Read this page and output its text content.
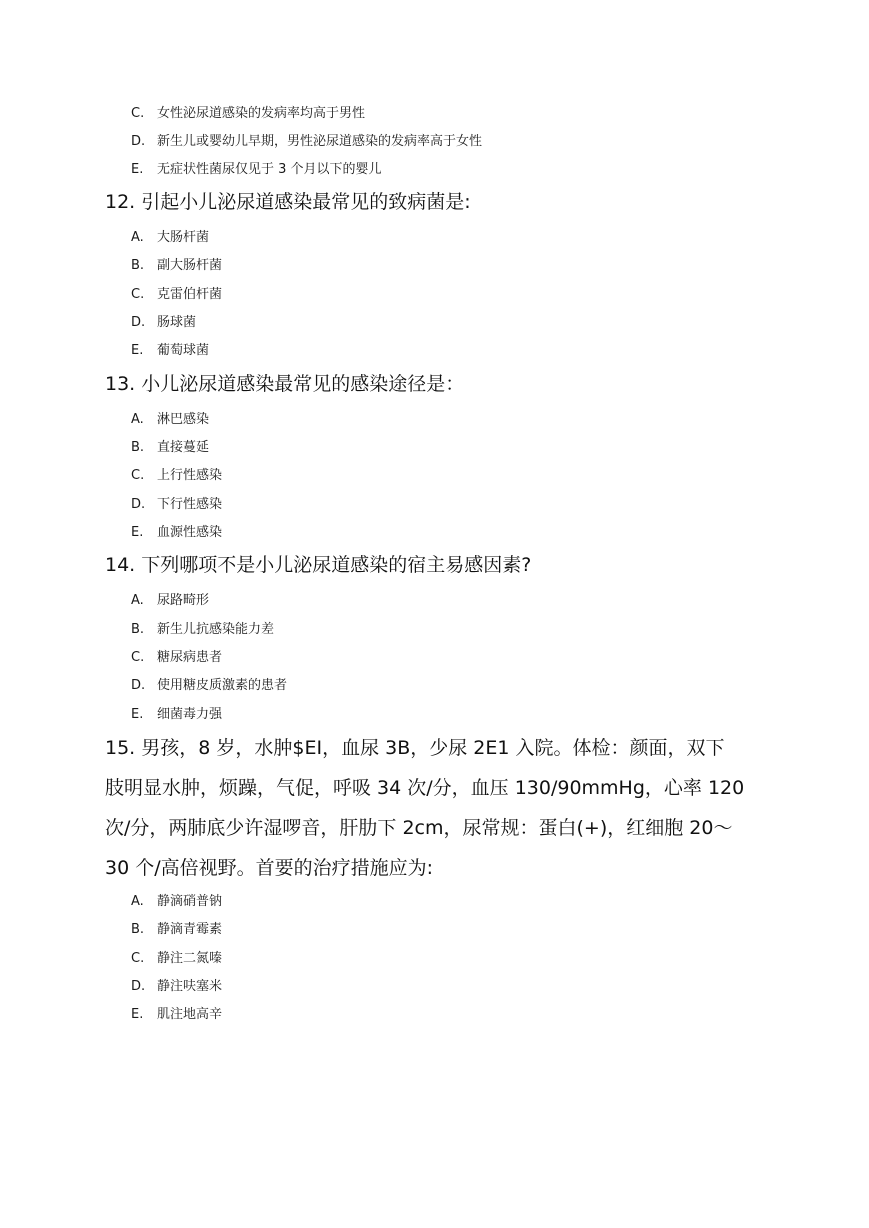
C. 女性泌尿道感染的发病率均高于男性
D. 新生儿或婴幼儿早期，男性泌尿道感染的发病率高于女性
E. 无症状性菌尿仅见于 3 个月以下的婴儿
12. 引起小儿泌尿道感染最常见的致病菌是:
A. 大肠杆菌
B. 副大肠杆菌
C. 克雷伯杆菌
D. 肠球菌
E. 葡萄球菌
13. 小儿泌尿道感染最常见的感染途径是：
A. 淋巴感染
B. 直接蔓延
C. 上行性感染
D. 下行性感染
E. 血源性感染
14. 下列哪项不是小儿泌尿道感染的宿主易感因素?
A. 尿路畸形
B. 新生儿抗感染能力差
C. 糖尿病患者
D. 使用糖皮质激素的患者
E. 细菌毒力强
15. 男孩，8 岁，水肿$EI，血尿 3B，少尿 2E1 入院。体检：颜面，双下
肢明显水肿，烦躁，气促，呼吸 34 次/分，血压 130/90mmHg，心率 120
次/分，两肺底少许湿啰音，肝肋下 2cm，尿常规：蛋白(+)，红细胞 20～
30 个/高倍视野。首要的治疗措施应为:
A. 静滴硝普钠
B. 静滴青霉素
C. 静注二氮嗪
D. 静注呋塞米
E. 肌注地高辛
